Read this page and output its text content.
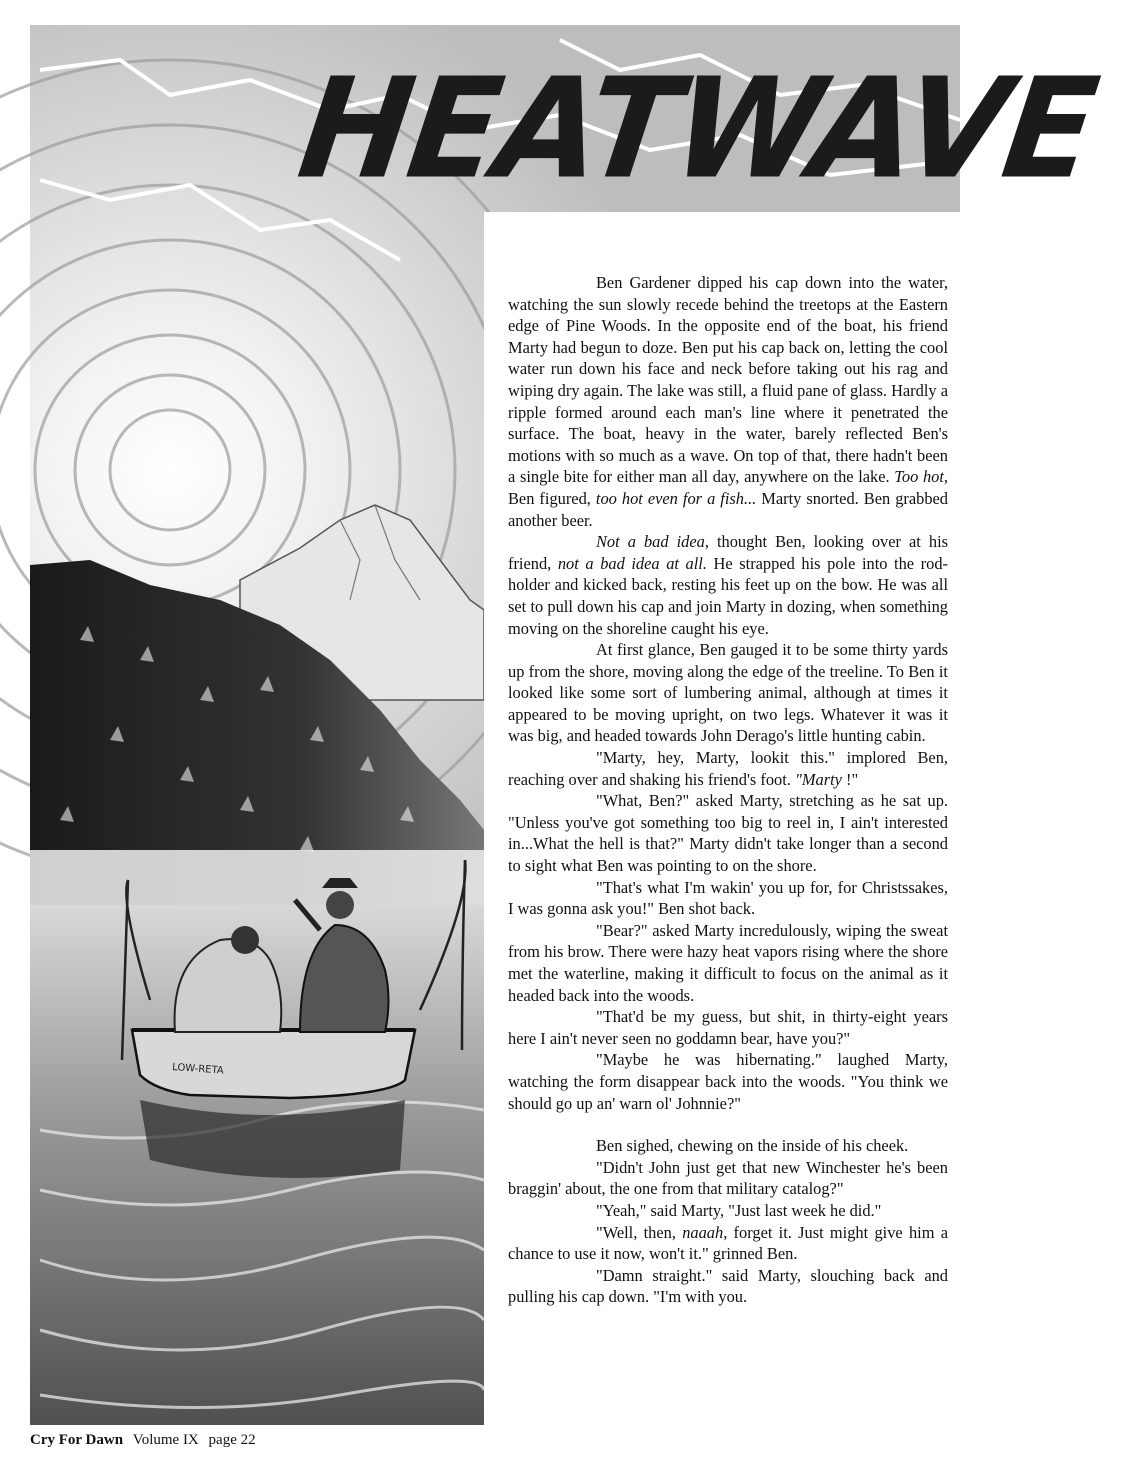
LOW-RETA
HEATWAVE

Ben Gardener dipped his cap down into the water, watching the sun slowly recede behind the treetops at the Eastern edge of Pine Woods. In the opposite end of the boat, his friend Marty had begun to doze. Ben put his cap back on, letting the cool water run down his face and neck before taking out his rag and wiping dry again. The lake was still, a fluid pane of glass. Hardly a ripple formed around each man's line where it penetrated the surface. The boat, heavy in the water, barely reflected Ben's motions with so much as a wave. On top of that, there hadn't been a single bite for either man all day, anywhere on the lake. Too hot, Ben figured, too hot even for a fish... Marty snorted. Ben grabbed another beer.

Not a bad idea, thought Ben, looking over at his friend, not a bad idea at all. He strapped his pole into the rod-holder and kicked back, resting his feet up on the bow. He was all set to pull down his cap and join Marty in dozing, when something moving on the shoreline caught his eye.

At first glance, Ben gauged it to be some thirty yards up from the shore, moving along the edge of the treeline. To Ben it looked like some sort of lumbering animal, although at times it appeared to be moving upright, on two legs. Whatever it was it was big, and headed towards John Derago's little hunting cabin.

"Marty, hey, Marty, lookit this." implored Ben, reaching over and shaking his friend's foot. "Marty !"

"What, Ben?" asked Marty, stretching as he sat up. "Unless you've got something too big to reel in, I ain't interested in...What the hell is that?" Marty didn't take longer than a second to sight what Ben was pointing to on the shore.

"That's what I'm wakin' you up for, for Christssakes, I was gonna ask you!" Ben shot back.

"Bear?" asked Marty incredulously, wiping the sweat from his brow. There were hazy heat vapors rising where the shore met the waterline, making it difficult to focus on the animal as it headed back into the woods.

"That'd be my guess, but shit, in thirty-eight years here I ain't never seen no goddamn bear, have you?"

"Maybe he was hibernating." laughed Marty, watching the form disappear back into the woods. "You think we should go up an' warn ol' Johnnie?"

Ben sighed, chewing on the inside of his cheek.

"Didn't John just get that new Winchester he's been braggin' about, the one from that military catalog?"

"Yeah," said Marty, "Just last week he did."

"Well, then, naaah, forget it. Just might give him a chance to use it now, won't it." grinned Ben.

"Damn straight." said Marty, slouching back and pulling his cap down. "I'm with you.

Cry For Dawn Volume IX page 22
